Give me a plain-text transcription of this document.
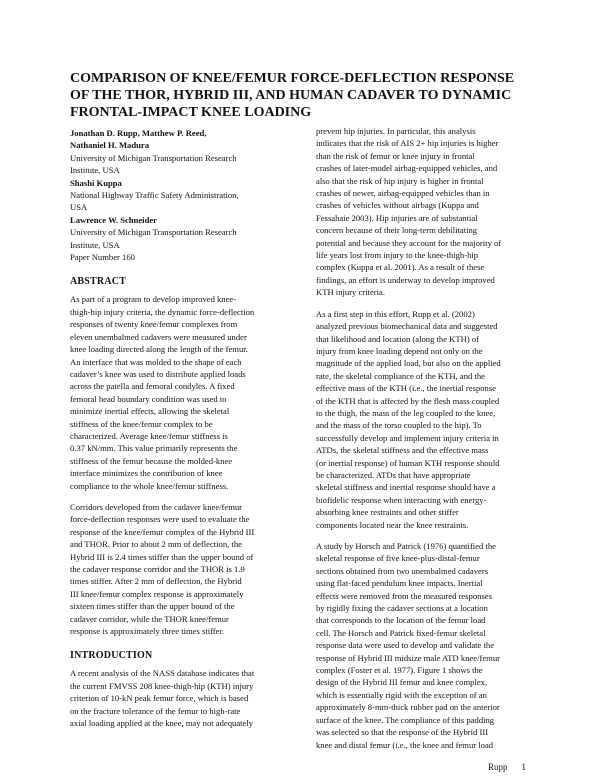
COMPARISON OF KNEE/FEMUR FORCE-DEFLECTION RESPONSE
OF THE THOR, HYBRID III, AND HUMAN CADAVER TO DYNAMIC
FRONTAL-IMPACT KNEE LOADING
Jonathan D. Rupp, Matthew P. Reed,
Nathaniel H. Madura
University of Michigan Transportation Research
Institute, USA
Shashi Kuppa
National Highway Traffic Safety Administration,
USA
Lawrence W. Schneider
University of Michigan Transportation Research
Institute, USA
Paper Number 160
ABSTRACT
As part of a program to develop improved knee-
thigh-hip injury criteria, the dynamic force-deflection
responses of twenty knee/femur complexes from
eleven unembalmed cadavers were measured under
knee loading directed along the length of the femur.
An interface that was molded to the shape of each
cadaver’s knee was used to distribute applied loads
across the patella and femoral condyles. A fixed
femoral head boundary condition was used to
minimize inertial effects, allowing the skeletal
stiffness of the knee/femur complex to be
characterized. Average knee/femur stiffness is
0.37 kN/mm. This value primarily represents the
stiffness of the femur because the molded-knee
interface minimizes the contribution of knee
compliance to the whole knee/femur stiffness.
Corridors developed from the cadaver knee/femur
force-deflection responses were used to evaluate the
response of the knee/femur complex of the Hybrid III
and THOR. Prior to about 2 mm of deflection, the
Hybrid III is 2.4 times stiffer than the upper bound of
the cadaver response corridor and the THOR is 1.9
times stiffer. After 2 mm of deflection, the Hybrid
III knee/femur complex response is approximately
sixteen times stiffer than the upper bound of the
cadaver corridor, while the THOR knee/femur
response is approximately three times stiffer.
INTRODUCTION
A recent analysis of the NASS database indicates that
the current FMVSS 208 knee-thigh-hip (KTH) injury
criterion of 10-kN peak femur force, which is based
on the fracture tolerance of the femur to high-rate
axial loading applied at the knee, may not adequately
prevent hip injuries. In particular, this analysis
indicates that the risk of AIS 2+ hip injuries is higher
than the risk of femur or knee injury in frontal
crashes of later-model airbag-equipped vehicles, and
also that the risk of hip injury is higher in frontal
crashes of newer, airbag-equipped vehicles than in
crashes of vehicles without airbags (Kuppa and
Fessahaie 2003). Hip injuries are of substantial
concern because of their long-term debilitating
potential and because they account for the majority of
life years lost from injury to the knee-thigh-hip
complex (Kuppa et al. 2001). As a result of these
findings, an effort is underway to develop improved
KTH injury criteria.
As a first step in this effort, Rupp et al. (2002)
analyzed previous biomechanical data and suggested
that likelihood and location (along the KTH) of
injury from knee loading depend not only on the
magnitude of the applied load, but also on the applied
rate, the skeletal compliance of the KTH, and the
effective mass of the KTH (i.e., the inertial response
of the KTH that is affected by the flesh mass coupled
to the thigh, the mass of the leg coupled to the knee,
and the mass of the torso coupled to the hip). To
successfully develop and implement injury criteria in
ATDs, the skeletal stiffness and the effective mass
(or inertial response) of human KTH response should
be characterized. ATDs that have appropriate
skeletal stiffness and inertial response should have a
biofidelic response when interacting with energy-
absorbing knee restraints and other stiffer
components located near the knee restraints.
A study by Horsch and Patrick (1976) quantified the
skeletal response of five knee-plus-distal-femur
sections obtained from two unembalmed cadavers
using flat-faced pendulum knee impacts. Inertial
effects were removed from the measured responses
by rigidly fixing the cadaver sections at a location
that corresponds to the location of the femur load
cell. The Horsch and Patrick fixed-femur skeletal
response data were used to develop and validate the
response of Hybrid III midsize male ATD knee/femur
complex (Foster et al. 1977). Figure 1 shows the
design of the Hybrid III femur and knee complex,
which is essentially rigid with the exception of an
approximately 8-mm-thick rubber pad on the anterior
surface of the knee. The compliance of this padding
was selected so that the response of the Hybrid III
knee and distal femur (i.e., the knee and femur load
Rupp 1
